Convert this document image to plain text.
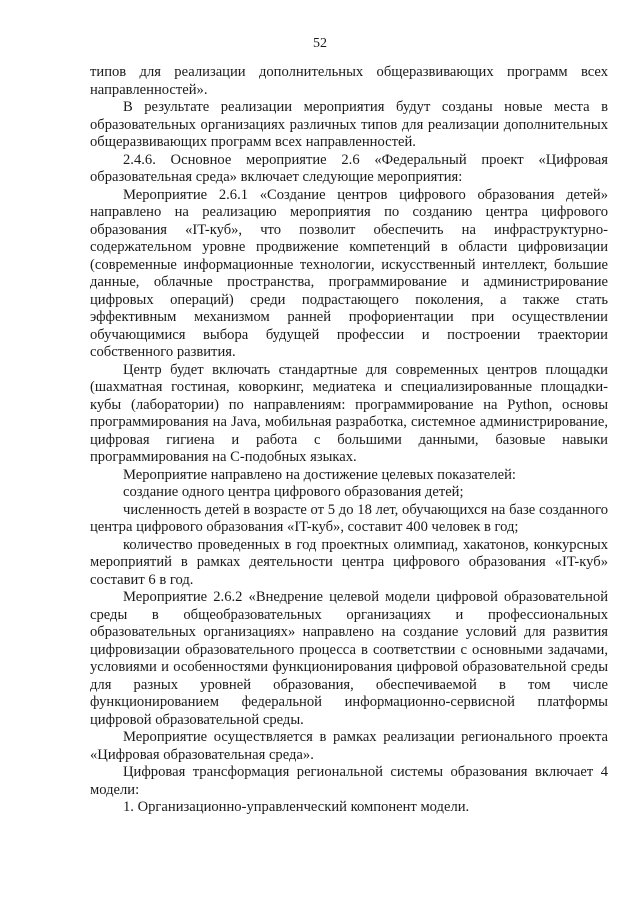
52

типов для реализации дополнительных общеразвивающих программ всех направленностей».

В результате реализации мероприятия будут созданы новые места в образовательных организациях различных типов для реализации дополнительных общеразвивающих программ всех направленностей.

2.4.6. Основное мероприятие 2.6 «Федеральный проект «Цифровая образовательная среда» включает следующие мероприятия:

Мероприятие 2.6.1 «Создание центров цифрового образования детей» направлено на реализацию мероприятия по созданию центра цифрового образования «IT-куб», что позволит обеспечить на инфраструктурно-содержательном уровне продвижение компетенций в области цифровизации (современные информационные технологии, искусственный интеллект, большие данные, облачные пространства, программирование и администрирование цифровых операций) среди подрастающего поколения, а также стать эффективным механизмом ранней профориентации при осуществлении обучающимися выбора будущей профессии и построении траектории собственного развития.

Центр будет включать стандартные для современных центров площадки (шахматная гостиная, коворкинг, медиатека и специализированные площадки-кубы (лаборатории) по направлениям: программирование на Python, основы программирования на Java, мобильная разработка, системное администрирование, цифровая гигиена и работа с большими данными, базовые навыки программирования на С-подобных языках.

Мероприятие направлено на достижение целевых показателей:

создание одного центра цифрового образования детей;

численность детей в возрасте от 5 до 18 лет, обучающихся на базе созданного центра цифрового образования «IT-куб», составит 400 человек в год;

количество проведенных в год проектных олимпиад, хакатонов, конкурсных мероприятий в рамках деятельности центра цифрового образования «IT-куб» составит 6 в год.

Мероприятие 2.6.2 «Внедрение целевой модели цифровой образовательной среды в общеобразовательных организациях и профессиональных образовательных организациях» направлено на создание условий для развития цифровизации образовательного процесса в соответствии с основными задачами, условиями и особенностями функционирования цифровой образовательной среды для разных уровней образования, обеспечиваемой в том числе функционированием федеральной информационно-сервисной платформы цифровой образовательной среды.

Мероприятие осуществляется в рамках реализации регионального проекта «Цифровая образовательная среда».

Цифровая трансформация региональной системы образования включает 4 модели:

1. Организационно-управленческий компонент модели.
